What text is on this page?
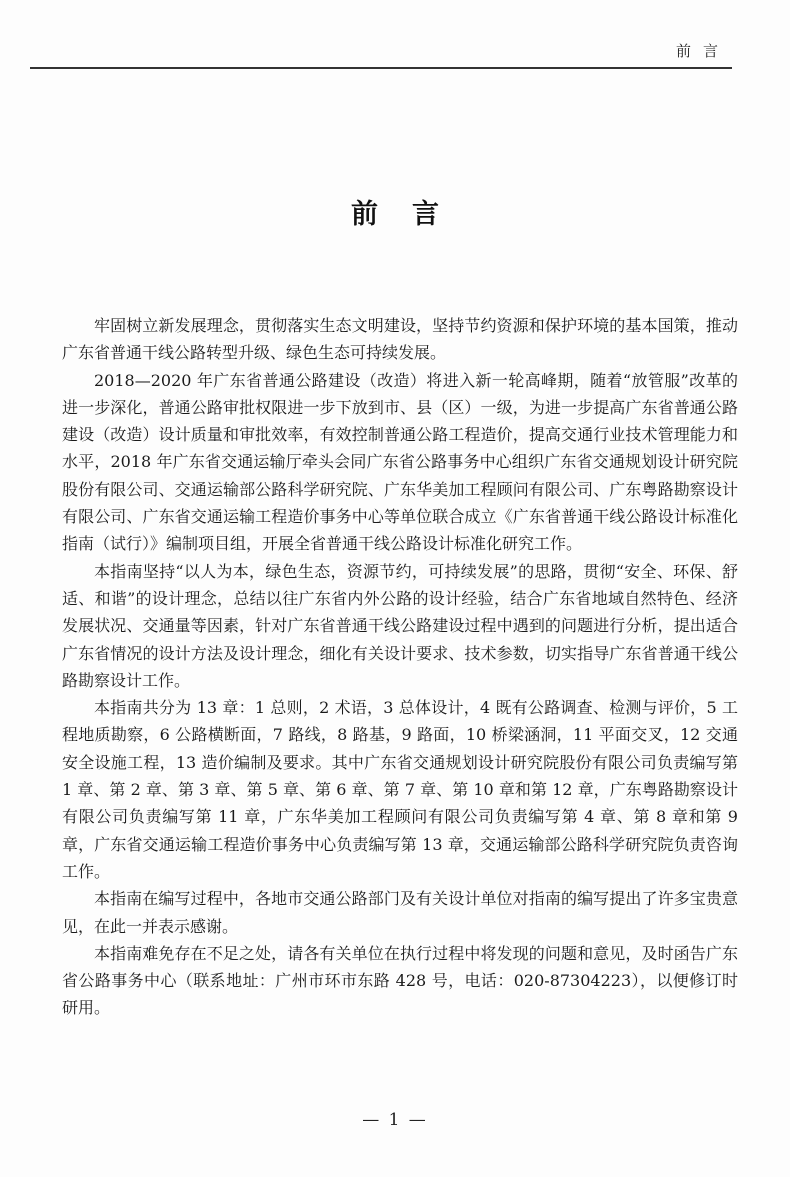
前言
前言

牢固树立新发展理念，贯彻落实生态文明建设，坚持节约资源和保护环境的基本国策，推动广东省普通干线公路转型升级、绿色生态可持续发展。

2018—2020 年广东省普通公路建设（改造）将进入新一轮高峰期，随着“放管服”改革的进一步深化，普通公路审批权限进一步下放到市、县（区）一级，为进一步提高广东省普通公路建设（改造）设计质量和审批效率，有效控制普通公路工程造价，提高交通行业技术管理能力和水平，2018 年广东省交通运输厅牵头会同广东省公路事务中心组织广东省交通规划设计研究院股份有限公司、交通运输部公路科学研究院、广东华美加工程顾问有限公司、广东粤路勘察设计有限公司、广东省交通运输工程造价事务中心等单位联合成立《广东省普通干线公路设计标准化指南（试行）》编制项目组，开展全省普通干线公路设计标准化研究工作。

本指南坚持“以人为本，绿色生态，资源节约，可持续发展”的思路，贯彻“安全、环保、舒适、和谐”的设计理念，总结以往广东省内外公路的设计经验，结合广东省地域自然特色、经济发展状况、交通量等因素，针对广东省普通干线公路建设过程中遇到的问题进行分析，提出适合广东省情况的设计方法及设计理念，细化有关设计要求、技术参数，切实指导广东省普通干线公路勘察设计工作。

本指南共分为 13 章：1 总则，2 术语，3 总体设计，4 既有公路调查、检测与评价，5 工程地质勘察，6 公路横断面，7 路线，8 路基，9 路面，10 桥梁涵洞，11 平面交叉，12 交通安全设施工程，13 造价编制及要求。其中广东省交通规划设计研究院股份有限公司负责编写第 1 章、第 2 章、第 3 章、第 5 章、第 6 章、第 7 章、第 10 章和第 12 章，广东粤路勘察设计有限公司负责编写第 11 章，广东华美加工程顾问有限公司负责编写第 4 章、第 8 章和第 9 章，广东省交通运输工程造价事务中心负责编写第 13 章，交通运输部公路科学研究院负责咨询工作。

本指南在编写过程中，各地市交通公路部门及有关设计单位对指南的编写提出了许多宝贵意见，在此一并表示感谢。

本指南难免存在不足之处，请各有关单位在执行过程中将发现的问题和意见，及时函告广东省公路事务中心（联系地址：广州市环市东路 428 号，电话：020-87304223），以便修订时研用。

— 1 —
